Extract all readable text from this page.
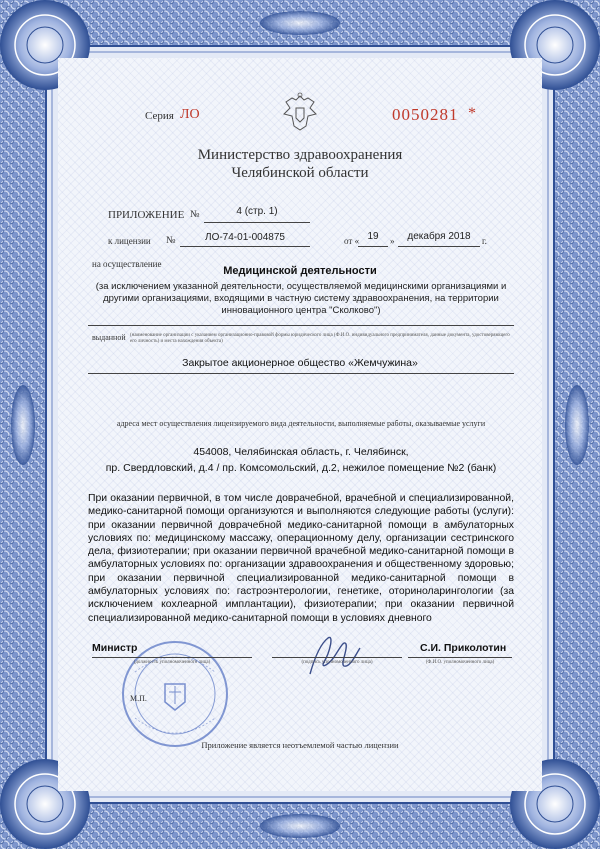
Серия ЛО	0050281 *
Министерство здравоохранения
Челябинской области
ПРИЛОЖЕНИЕ №	4 (стр. 1)
к лицензии №	ЛО-74-01-004875	от « 19	»	декабря 2018	г.
на осуществление
Медицинской деятельности
(за исключением указанной деятельности, осуществляемой медицинскими организациями и другими организациями, входящими в частную систему здравоохранения, на территории инновационного центра "Сколково")
выданной (наименование организации с указанием организационно-правовой формы юридического лица (Ф.И.О. индивидуального предпринимателя, данные документа, удостоверяющего его личность) и места нахождения объекта)
Закрытое акционерное общество «Жемчужина»
адреса мест осуществления лицензируемого вида деятельности, выполняемые работы, оказываемые услуги
454008, Челябинская область, г. Челябинск,
пр. Свердловский, д.4 / пр. Комсомольский, д.2, нежилое помещение №2 (банк)
При оказании первичной, в том числе доврачебной, врачебной и специализированной, медико-санитарной помощи организуются и выполняются следующие работы (услуги): при оказании первичной доврачебной медико-санитарной помощи в амбулаторных условиях по: медицинскому массажу, операционному делу, организации сестринского дела, физиотерапии; при оказании первичной врачебной медико-санитарной помощи в амбулаторных условиях по: организации здравоохранения и общественному здоровью; при оказании первичной специализированной медико-санитарной помощи в амбулаторных условиях по: гастроэнтерологии, генетике, оториноларингологии (за исключением кохлеарной имплантации), физиотерапии; при оказании первичной специализированной медико-санитарной помощи в условиях дневного
Министр
(должность уполномоченного лица)	(подпись уполномоченного лица)
С.И. Приколотин
(Ф.И.О. уполномоченного лица)
М.П.
Приложение является неотъемлемой частью лицензии
